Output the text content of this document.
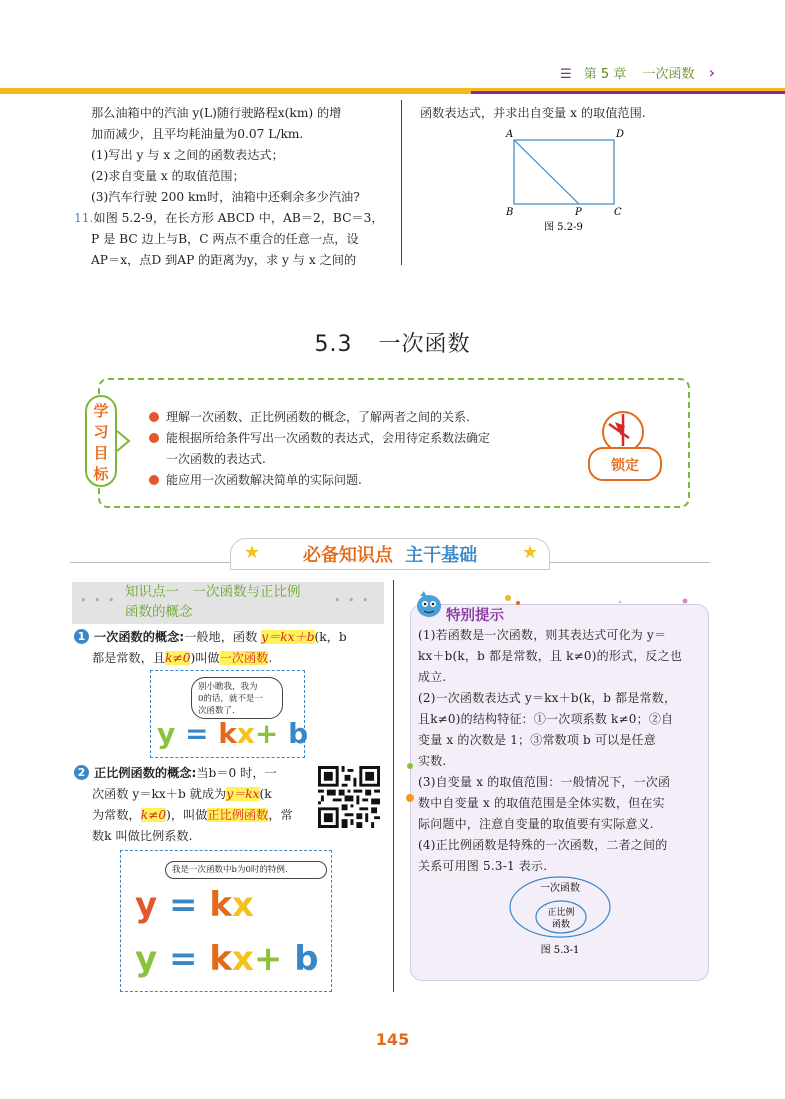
☰ 第 5 章 一次函数 ›

那么油箱中的汽油 y(L)随行驶路程x(km) 的增

加而减少，且平均耗油量为0.07 L/km.

(1)写出 y 与 x 之间的函数表达式；

(2)求自变量 x 的取值范围；

(3)汽车行驶 200 km时，油箱中还剩余多少汽油?

11.如图 5.2-9，在长方形 ABCD 中，AB＝2，BC＝3，

P 是 BC 边上与B，C 两点不重合的任意一点，设

AP＝x，点D 到AP 的距离为y，求 y 与 x 之间的

函数表达式，并求出自变量 x 的取值范围.

A	D
B	P	C
图 5.2-9
5.3 一次函数
学
习
目
标

理解一次函数、正比例函数的概念，了解两者之间的关系.

能根据所给条件写出一次函数的表达式，会用待定系数法确定

一次函数的表达式.

能应用一次函数解决简单的实际问题.

锁定
★	★
必备知识点 主干基础
• • •	• • •
知识点一　一次函数与正比例
函数的概念

1 一次函数的概念:一般地，函数 y＝kx＋b(k，b

都是常数，且k≠0)叫做一次函数.

别小瞧我，我为
0的话，就不是一
次函数了.
y = kx+ b

2 正比例函数的概念:当b＝0 时，一

次函数 y＝kx＋b 就成为y＝kx(k

为常数，k≠0)，叫做正比例函数，常

数k 叫做比例系数.

我是一次函数中b为0时的特例.
y = kx
y = kx+ b
特别提示

(1)若函数是一次函数，则其表达式可化为 y＝

kx＋b(k，b 都是常数，且 k≠0)的形式，反之也

成立.

(2)一次函数表达式 y＝kx＋b(k，b 都是常数，

且k≠0)的结构特征：①一次项系数 k≠0；②自

变量 x 的次数是 1；③常数项 b 可以是任意

实数.

(3)自变量 x 的取值范围：一般情况下，一次函

数中自变量 x 的取值范围是全体实数，但在实

际问题中，注意自变量的取值要有实际意义.

(4)正比例函数是特殊的一次函数，二者之间的

关系可用图 5.3-1 表示.

一次函数
正比例
函数
图 5.3-1
145
